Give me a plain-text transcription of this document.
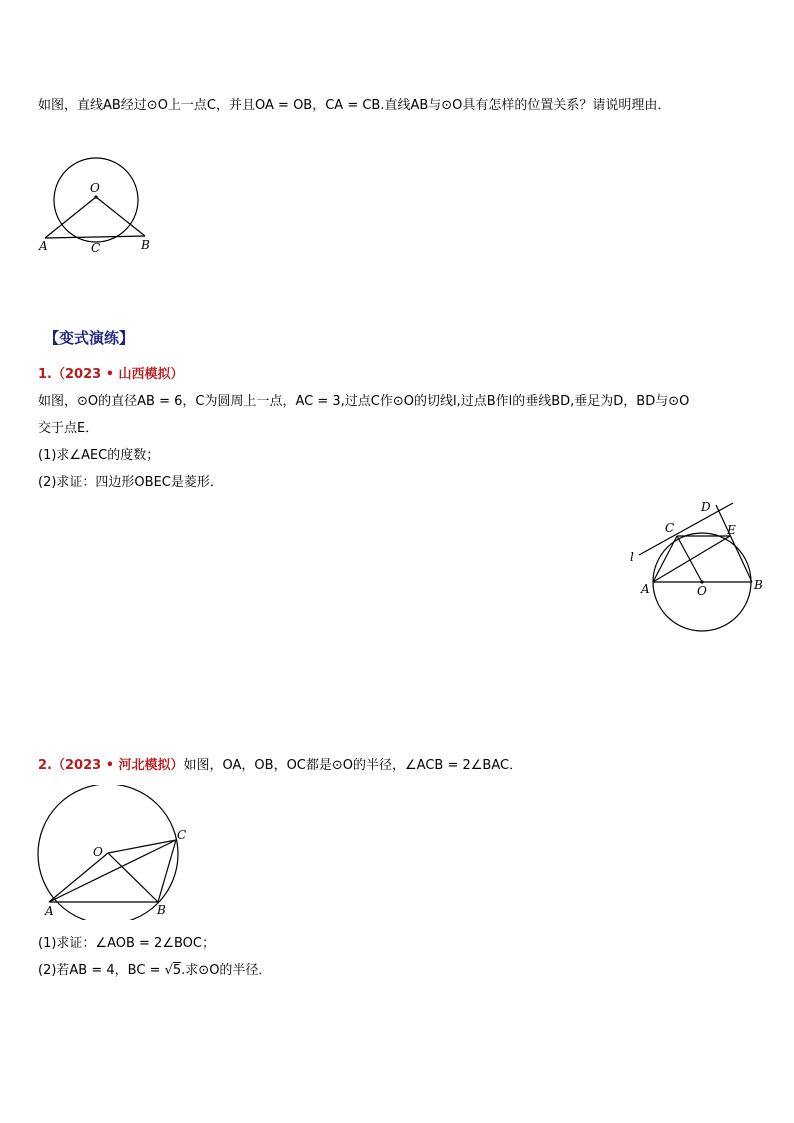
如图，直线AB经过⊙O上一点C，并且OA = OB，CA = CB.直线AB与⊙O具有怎样的位置关系？请说明理由．
O
A	C	B
【变式演练】
1.（2023 • 山西模拟）
如图，⊙O的直径AB = 6，C为圆周上一点，AC = 3,过点C作⊙O的切线l,过点B作l的垂线BD,垂足为D，BD与⊙O
交于点E．
(1)求∠AEC的度数；
(2)求证：四边形OBEC是菱形．
D
C	E
l
A	O	B
2.（2023 • 河北模拟）如图，OA，OB，OC都是⊙O的半径，∠ACB = 2∠BAC．
O
C
A	B
(1)求证：∠AOB = 2∠BOC；
(2)若AB = 4，BC = √5.求⊙O的半径．
